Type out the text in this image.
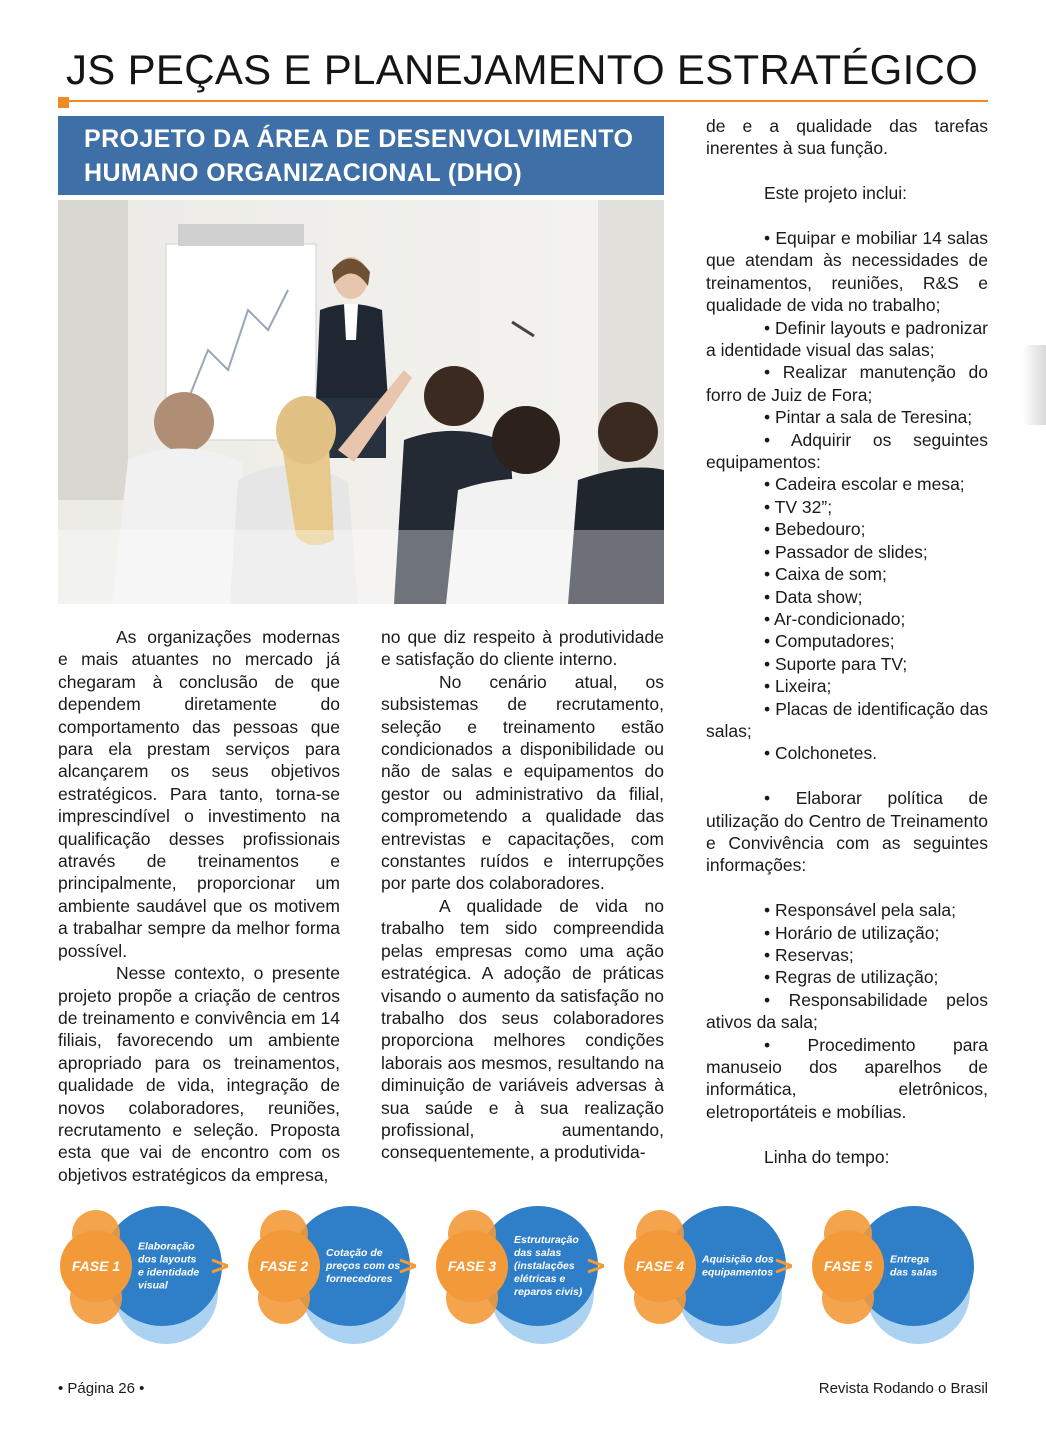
JS PEÇAS E PLANEJAMENTO ESTRATÉGICO
PROJETO DA ÁREA DE DESENVOLVIMENTO
HUMANO ORGANIZACIONAL (DHO)

As organizações modernas e mais atuantes no mercado já chegaram à conclusão de que dependem diretamente do comportamento das pessoas que para ela prestam serviços para alcançarem os seus objetivos estratégicos. Para tanto, torna-se imprescindível o investimento na qualificação desses profissionais através de treinamentos e principalmente, proporcionar um ambiente saudável que os motivem a trabalhar sempre da melhor forma possível.

Nesse contexto, o presente projeto propõe a criação de centros de treinamento e convivência em 14 filiais, favorecendo um ambiente apropriado para os treinamentos, qualidade de vida, integração de novos colaboradores, reuniões, recrutamento e seleção. Proposta esta que vai de encontro com os objetivos estratégicos da empresa,

no que diz respeito à produtividade e satisfação do cliente interno.

No cenário atual, os subsistemas de recrutamento, seleção e treinamento estão condicionados a disponibilidade ou não de salas e equipamentos do gestor ou administrativo da filial, comprometendo a qualidade das entrevistas e capacitações, com constantes ruídos e interrupções por parte dos colaboradores.

A qualidade de vida no trabalho tem sido compreendida pelas empresas como uma ação estratégica. A adoção de práticas visando o aumento da satisfação no trabalho dos seus colaboradores proporciona melhores condições laborais aos mesmos, resultando na diminuição de variáveis adversas à sua saúde e à sua realização profissional, aumentando, consequentemente, a produtivida-

de e a qualidade das tarefas inerentes à sua função.

Este projeto inclui:

• Equipar e mobiliar 14 salas que atendam às necessidades de treinamentos, reuniões, R&S e qualidade de vida no trabalho;

• Definir layouts e padronizar a identidade visual das salas;

• Realizar manutenção do forro de Juiz de Fora;

• Pintar a sala de Teresina;

• Adquirir os seguintes equipamentos:

• Cadeira escolar e mesa;

• TV 32”;

• Bebedouro;

• Passador de slides;

• Caixa de som;

• Data show;

• Ar-condicionado;

• Computadores;

• Suporte para TV;

• Lixeira;

• Placas de identificação das salas;

• Colchonetes.

• Elaborar política de utilização do Centro de Treinamento e Convivência com as seguintes informações:

• Responsável pela sala;

• Horário de utilização;

• Reservas;

• Regras de utilização;

• Responsabilidade pelos ativos da sala;

• Procedimento para manuseio dos aparelhos de informática, eletrônicos, eletroportáteis e mobílias.

Linha do tempo:

FASE 1
Elaboração
dos layouts
e identidade
visual
FASE 2
Cotação de
preços com os
fornecedores
FASE 3
Estruturação
das salas
(instalações
elétricas e
reparos civis)
FASE 4 Aquisição dos
equipamentos	FASE 5 Entrega
das salas
• Página 26 •	Revista Rodando o Brasil
